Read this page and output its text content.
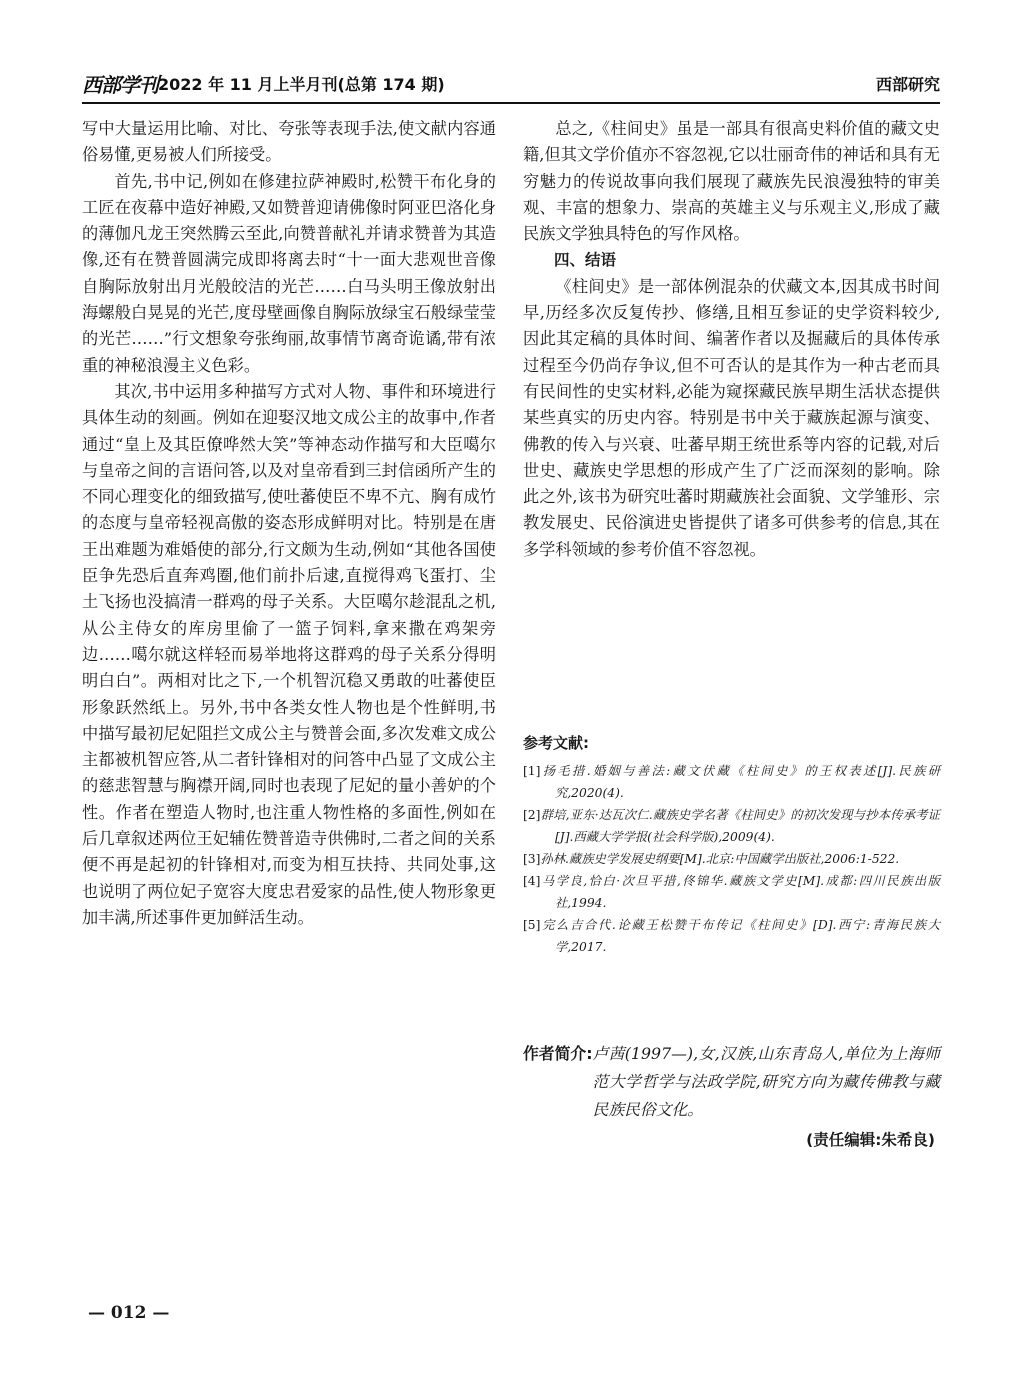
西部学刊 2022 年 11 月上半月刊(总第 174 期)	西部研究

写中大量运用比喻、对比、夸张等表现手法,使文献内容通俗易懂,更易被人们所接受。

首先,书中记,例如在修建拉萨神殿时,松赞干布化身的工匠在夜幕中造好神殿,又如赞普迎请佛像时阿亚巴洛化身的薄伽凡龙王突然腾云至此,向赞普献礼并请求赞普为其造像,还有在赞普圆满完成即将离去时“十一面大悲观世音像自胸际放射出月光般皎洁的光芒……白马头明王像放射出海螺般白晃晃的光芒,度母壁画像自胸际放绿宝石般绿莹莹的光芒……”行文想象夸张绚丽,故事情节离奇诡谲,带有浓重的神秘浪漫主义色彩。

其次,书中运用多种描写方式对人物、事件和环境进行具体生动的刻画。例如在迎娶汉地文成公主的故事中,作者通过“皇上及其臣僚哗然大笑”等神态动作描写和大臣噶尔与皇帝之间的言语问答,以及对皇帝看到三封信函所产生的不同心理变化的细致描写,使吐蕃使臣不卑不亢、胸有成竹的态度与皇帝轻视高傲的姿态形成鲜明对比。特别是在唐王出难题为难婚使的部分,行文颇为生动,例如“其他各国使臣争先恐后直奔鸡圈,他们前扑后逮,直搅得鸡飞蛋打、尘土飞扬也没搞清一群鸡的母子关系。大臣噶尔趁混乱之机,从公主侍女的库房里偷了一篮子饲料,拿来撒在鸡架旁边……噶尔就这样轻而易举地将这群鸡的母子关系分得明明白白”。两相对比之下,一个机智沉稳又勇敢的吐蕃使臣形象跃然纸上。另外,书中各类女性人物也是个性鲜明,书中描写最初尼妃阻拦文成公主与赞普会面,多次发难文成公主都被机智应答,从二者针锋相对的问答中凸显了文成公主的慈悲智慧与胸襟开阔,同时也表现了尼妃的量小善妒的个性。作者在塑造人物时,也注重人物性格的多面性,例如在后几章叙述两位王妃辅佐赞普造寺供佛时,二者之间的关系便不再是起初的针锋相对,而变为相互扶持、共同处事,这也说明了两位妃子宽容大度忠君爱家的品性,使人物形象更加丰满,所述事件更加鲜活生动。

总之,《柱间史》虽是一部具有很高史料价值的藏文史籍,但其文学价值亦不容忽视,它以壮丽奇伟的神话和具有无穷魅力的传说故事向我们展现了藏族先民浪漫独特的审美观、丰富的想象力、崇高的英雄主义与乐观主义,形成了藏民族文学独具特色的写作风格。

四、结语

《柱间史》是一部体例混杂的伏藏文本,因其成书时间早,历经多次反复传抄、修缮,且相互参证的史学资料较少,因此其定稿的具体时间、编著作者以及掘藏后的具体传承过程至今仍尚存争议,但不可否认的是其作为一种古老而具有民间性的史实材料,必能为窥探藏民族早期生活状态提供某些真实的历史内容。特别是书中关于藏族起源与演变、佛教的传入与兴衰、吐蕃早期王统世系等内容的记载,对后世史、藏族史学思想的形成产生了广泛而深刻的影响。除此之外,该书为研究吐蕃时期藏族社会面貌、文学雏形、宗教发展史、民俗演进史皆提供了诸多可供参考的信息,其在多学科领域的参考价值不容忽视。

参考文献:
[1]扬毛措.婚姻与善法:藏文伏藏《柱间史》的王权表述[J].民族研究,2020(4).
[2]群培,亚东·达瓦次仁.藏族史学名著《柱间史》的初次发现与抄本传承考证[J].西藏大学学报(社会科学版),2009(4).
[3]孙林.藏族史学发展史纲要[M].北京:中国藏学出版社,2006:1-522.
[4]马学良,恰白·次旦平措,佟锦华.藏族文学史[M].成都:四川民族出版社,1994.
[5]完么吉合代.论藏王松赞干布传记《柱间史》[D].西宁:青海民族大学,2017.
作者简介: 卢茜(1997—),女,汉族,山东青岛人,单位为上海师范大学哲学与法政学院,研究方向为藏传佛教与藏民族民俗文化。
(责任编辑:朱希良)
— 012 —
